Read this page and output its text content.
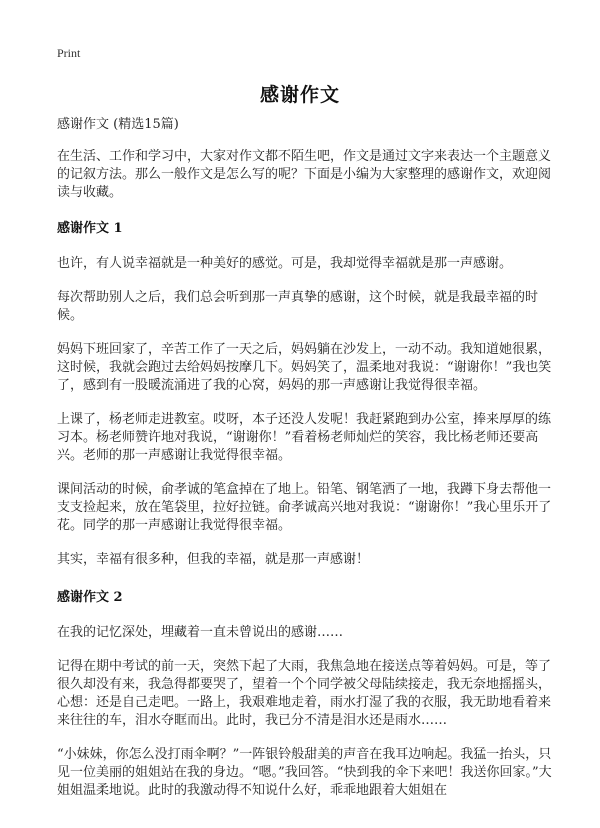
Print
感谢作文

感谢作文 (精选15篇)

在生活、工作和学习中，大家对作文都不陌生吧，作文是通过文字来表达一个主题意义的记叙方法。那么一般作文是怎么写的呢？下面是小编为大家整理的感谢作文，欢迎阅读与收藏。

感谢作文 1

也许，有人说幸福就是一种美好的感觉。可是，我却觉得幸福就是那一声感谢。

每次帮助别人之后，我们总会听到那一声真挚的感谢，这个时候，就是我最幸福的时候。

妈妈下班回家了，辛苦工作了一天之后，妈妈躺在沙发上，一动不动。我知道她很累，这时候，我就会跑过去给妈妈按摩几下。妈妈笑了，温柔地对我说：“谢谢你！”我也笑了，感到有一股暖流涌进了我的心窝，妈妈的那一声感谢让我觉得很幸福。

上课了，杨老师走进教室。哎呀，本子还没人发呢！我赶紧跑到办公室，捧来厚厚的练习本。杨老师赞许地对我说，“谢谢你！”看着杨老师灿烂的笑容，我比杨老师还要高兴。老师的那一声感谢让我觉得很幸福。

课间活动的时候，俞孝诚的笔盒掉在了地上。铅笔、钢笔洒了一地，我蹲下身去帮他一支支捡起来，放在笔袋里，拉好拉链。俞孝诚高兴地对我说：“谢谢你！”我心里乐开了花。同学的那一声感谢让我觉得很幸福。

其实，幸福有很多种，但我的幸福，就是那一声感谢！

感谢作文 2

在我的记忆深处，埋藏着一直未曾说出的感谢……

记得在期中考试的前一天，突然下起了大雨，我焦急地在接送点等着妈妈。可是，等了很久却没有来，我急得都要哭了，望着一个个同学被父母陆续接走，我无奈地摇摇头，心想：还是自己走吧。一路上，我艰难地走着，雨水打湿了我的衣服，我无助地看着来来往往的车，泪水夺眶而出。此时，我已分不清是泪水还是雨水……

“小妹妹，你怎么没打雨伞啊？”一阵银铃般甜美的声音在我耳边响起。我猛一抬头，只见一位美丽的姐姐站在我的身边。“嗯。”我回答。“快到我的伞下来吧！我送你回家。”大姐姐温柔地说。此时的我激动得不知说什么好，乖乖地跟着大姐姐在
